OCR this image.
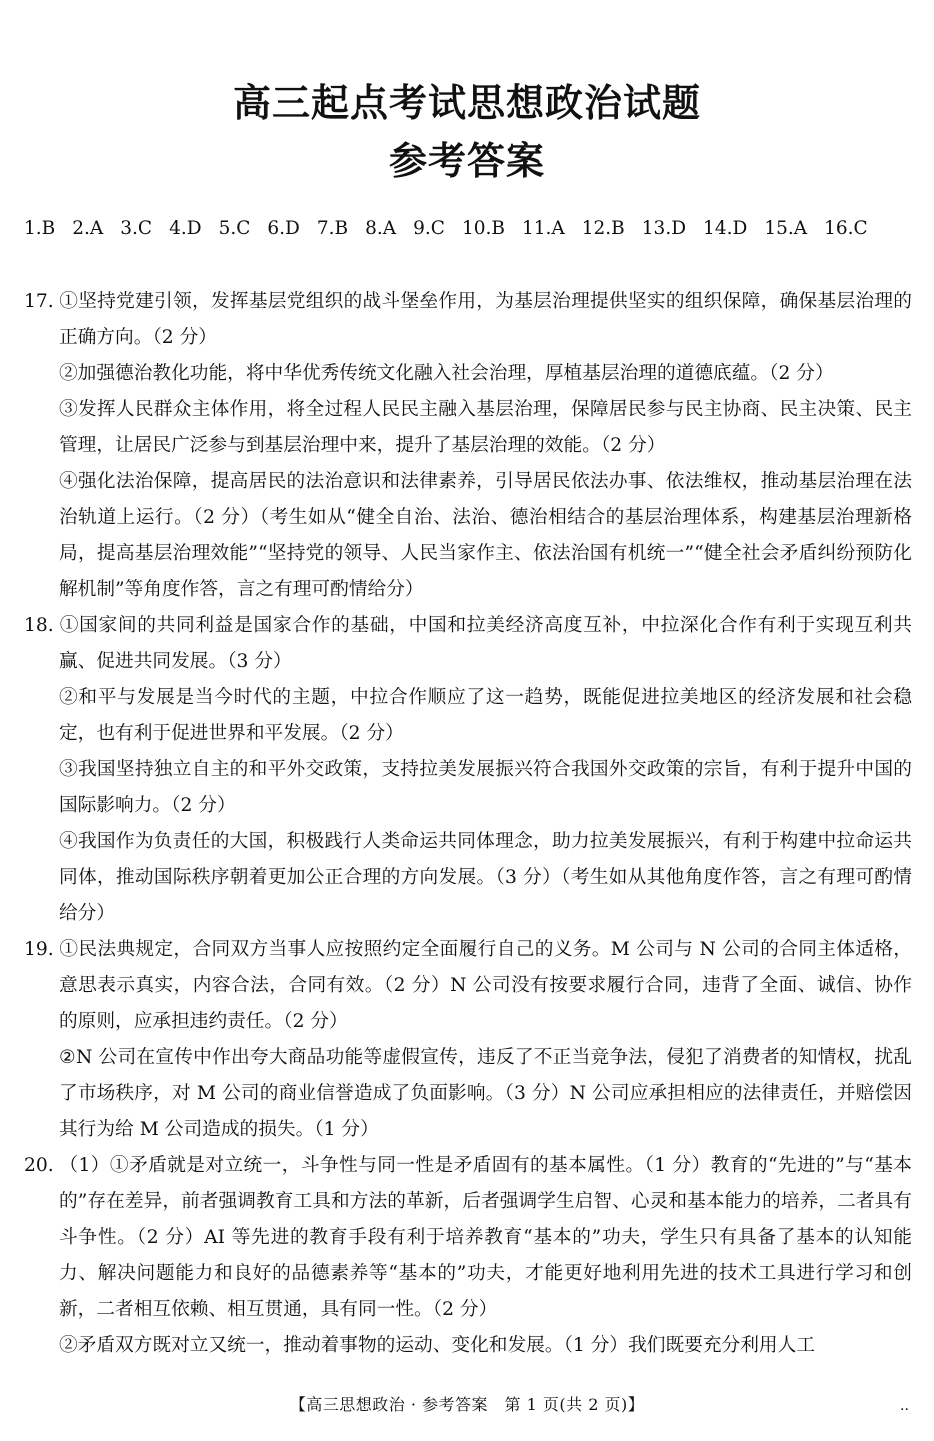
高三起点考试思想政治试题
参考答案
1.B 2.A 3.C 4.D 5.C 6.D 7.B 8.A 9.C 10.B 11.A 12.B 13.D 14.D 15.A 16.C

17. ①坚持党建引领，发挥基层党组织的战斗堡垒作用，为基层治理提供坚实的组织保障，确保基层治理的正确方向。（2 分）

②加强德治教化功能，将中华优秀传统文化融入社会治理，厚植基层治理的道德底蕴。（2 分）

③发挥人民群众主体作用，将全过程人民民主融入基层治理，保障居民参与民主协商、民主决策、民主管理，让居民广泛参与到基层治理中来，提升了基层治理的效能。（2 分）

④强化法治保障，提高居民的法治意识和法律素养，引导居民依法办事、依法维权，推动基层治理在法治轨道上运行。（2 分）（考生如从“健全自治、法治、德治相结合的基层治理体系，构建基层治理新格局，提高基层治理效能”“坚持党的领导、人民当家作主、依法治国有机统一”“健全社会矛盾纠纷预防化解机制”等角度作答，言之有理可酌情给分）

18. ①国家间的共同利益是国家合作的基础，中国和拉美经济高度互补，中拉深化合作有利于实现互利共赢、促进共同发展。（3 分）

②和平与发展是当今时代的主题，中拉合作顺应了这一趋势，既能促进拉美地区的经济发展和社会稳定，也有利于促进世界和平发展。（2 分）

③我国坚持独立自主的和平外交政策，支持拉美发展振兴符合我国外交政策的宗旨，有利于提升中国的国际影响力。（2 分）

④我国作为负责任的大国，积极践行人类命运共同体理念，助力拉美发展振兴，有利于构建中拉命运共同体，推动国际秩序朝着更加公正合理的方向发展。（3 分）（考生如从其他角度作答，言之有理可酌情给分）

19. ①民法典规定，合同双方当事人应按照约定全面履行自己的义务。M 公司与 N 公司的合同主体适格，意思表示真实，内容合法，合同有效。（2 分）N 公司没有按要求履行合同，违背了全面、诚信、协作的原则，应承担违约责任。（2 分）

②N 公司在宣传中作出夸大商品功能等虚假宣传，违反了不正当竞争法，侵犯了消费者的知情权，扰乱了市场秩序，对 M 公司的商业信誉造成了负面影响。（3 分）N 公司应承担相应的法律责任，并赔偿因其行为给 M 公司造成的损失。（1 分）

20. （1）①矛盾就是对立统一，斗争性与同一性是矛盾固有的基本属性。（1 分）教育的“先进的”与“基本的”存在差异，前者强调教育工具和方法的革新，后者强调学生启智、心灵和基本能力的培养，二者具有斗争性。（2 分）AI 等先进的教育手段有利于培养教育“基本的”功夫，学生只有具备了基本的认知能力、解决问题能力和良好的品德素养等“基本的”功夫，才能更好地利用先进的技术工具进行学习和创新，二者相互依赖、相互贯通，具有同一性。（2 分）

②矛盾双方既对立又统一，推动着事物的运动、变化和发展。（1 分）我们既要充分利用人工

【高三思想政治 · 参考答案　第 1 页(共 2 页)】	··
